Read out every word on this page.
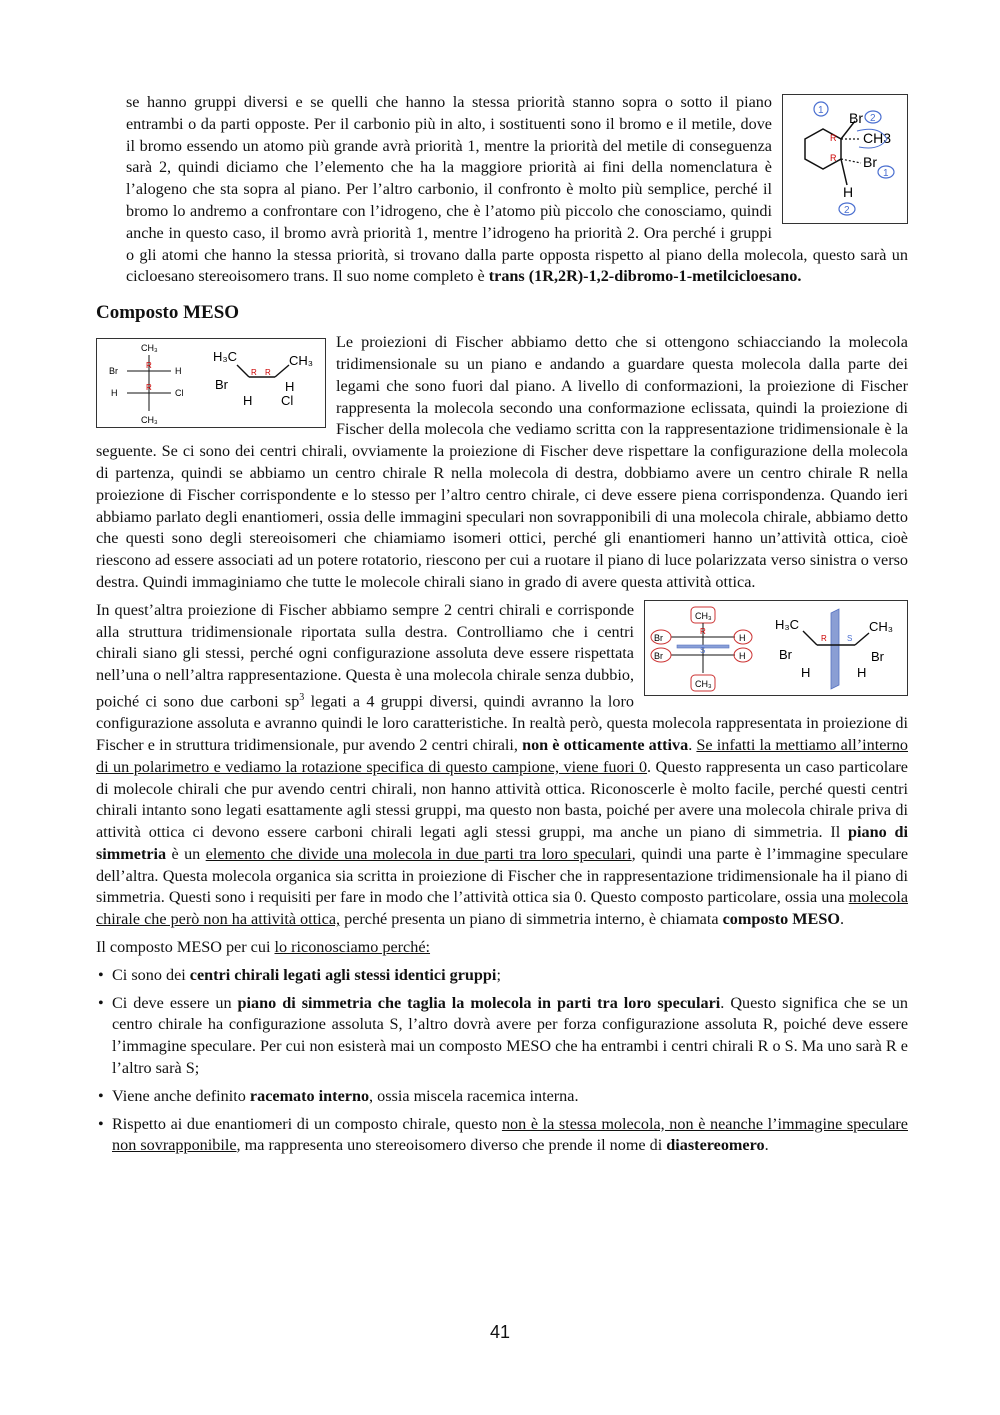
Br
CH3
Br
H
R
R
1
2
1
2

se hanno gruppi diversi e se quelli che hanno la stessa priorità stanno sopra o sotto il piano entrambi o da parti opposte. Per il carbonio più in alto, i sostituenti sono il bromo e il metile, dove il bromo essendo un atomo più grande avrà priorità 1, mentre la priorità del metile di conseguenza sarà 2, quindi diciamo che l’elemento che ha la maggiore priorità ai fini della nomenclatura è l’alogeno che sta sopra al piano. Per l’altro carbonio, il confronto è molto più semplice, perché il bromo lo andremo a confrontare con l’idrogeno, che è l’atomo più piccolo che conosciamo, quindi anche in questo caso, il bromo avrà priorità 1, mentre l’idrogeno ha priorità 2. Ora perché i gruppi o gli atomi che hanno la stessa priorità, si trovano dalla parte opposta rispetto al piano della molecola, questo sarà un cicloesano stereoisomero trans. Il suo nome completo è trans (1R,2R)-1,2-dibromo-1-metilcicloesano.

Composto MESO
CH₃
Br	H
H	Cl
R
R
CH₃
H₃C	CH₃
R R
Br	H
H Cl

Le proiezioni di Fischer abbiamo detto che si ottengono schiacciando la molecola tridimensionale su un piano e andando a guardare questa molecola dalla parte dei legami che sono fuori dal piano. A livello di conformazioni, la proiezione di Fischer rappresenta la molecola secondo una conformazione eclissata, quindi la proiezione di Fischer della molecola che vediamo scritta con la rappresentazione tridimensionale è la seguente. Se ci sono dei centri chirali, ovviamente la proiezione di Fischer deve rispettare la configurazione della molecola di partenza, quindi se abbiamo un centro chirale R nella molecola di destra, dobbiamo avere un centro chirale R nella proiezione di Fischer corrispondente e lo stesso per l’altro centro chirale, ci deve essere piena corrispondenza. Quando ieri abbiamo parlato degli enantiomeri, ossia delle immagini speculari non sovrapponibili di una molecola chirale, abbiamo detto che questi sono degli stereoisomeri che chiamiamo isomeri ottici, perché gli enantiomeri hanno un’attività ottica, cioè riescono ad essere associati ad un potere rotatorio, riescono per cui a ruotare il piano di luce polarizzata verso sinistra o verso destra. Quindi immaginiamo che tutte le molecole chirali siano in grado di avere questa attività ottica.

CH₃
Br
Br
H
H
R
S
CH₃
H₃C	CH₃
R	S
Br	Br
H	H

In quest’altra proiezione di Fischer abbiamo sempre 2 centri chirali e corrisponde alla struttura tridimensionale riportata sulla destra. Controlliamo che i centri chirali siano gli stessi, perché ogni configurazione assoluta deve essere rispettata nell’una o nell’altra rappresentazione. Questa è una molecola chirale senza dubbio, poiché ci sono due carboni $sp^3$ legati a 4 gruppi diversi, quindi avranno la loro configurazione assoluta e avranno quindi le loro caratteristiche. In realtà però, questa molecola rappresentata in proiezione di Fischer e in struttura tridimensionale, pur avendo 2 centri chirali, non è otticamente attiva. Se infatti la mettiamo all’interno di un polarimetro e vediamo la rotazione specifica di questo campione, viene fuori 0. Questo rappresenta un caso particolare di molecole chirali che pur avendo centri chirali, non hanno attività ottica. Riconoscerle è molto facile, perché questi centri chirali intanto sono legati esattamente agli stessi gruppi, ma questo non basta, poiché per avere una molecola chirale priva di attività ottica ci devono essere carboni chirali legati agli stessi gruppi, ma anche un piano di simmetria. Il piano di simmetria è un elemento che divide una molecola in due parti tra loro speculari, quindi una parte è l’immagine speculare dell’altra. Questa molecola organica sia scritta in proiezione di Fischer che in rappresentazione tridimensionale ha il piano di simmetria. Questi sono i requisiti per fare in modo che l’attività ottica sia 0. Questo composto particolare, ossia una molecola chirale che però non ha attività ottica, perché presenta un piano di simmetria interno, è chiamata composto MESO.

Il composto MESO per cui lo riconosciamo perché:

• Ci sono dei centri chirali legati agli stessi identici gruppi;
• Ci deve essere un piano di simmetria che taglia la molecola in parti tra loro speculari. Questo significa che se un centro chirale ha configurazione assoluta S, l’altro dovrà avere per forza configurazione assoluta R, poiché deve essere l’immagine speculare. Per cui non esisterà mai un composto MESO che ha entrambi i centri chirali R o S. Ma uno sarà R e l’altro sarà S;
• Viene anche definito racemato interno, ossia miscela racemica interna.
• Rispetto ai due enantiomeri di un composto chirale, questo non è la stessa molecola, non è neanche l’immagine speculare non sovrapponibile, ma rappresenta uno stereoisomero diverso che prende il nome di diastereomero.
41
